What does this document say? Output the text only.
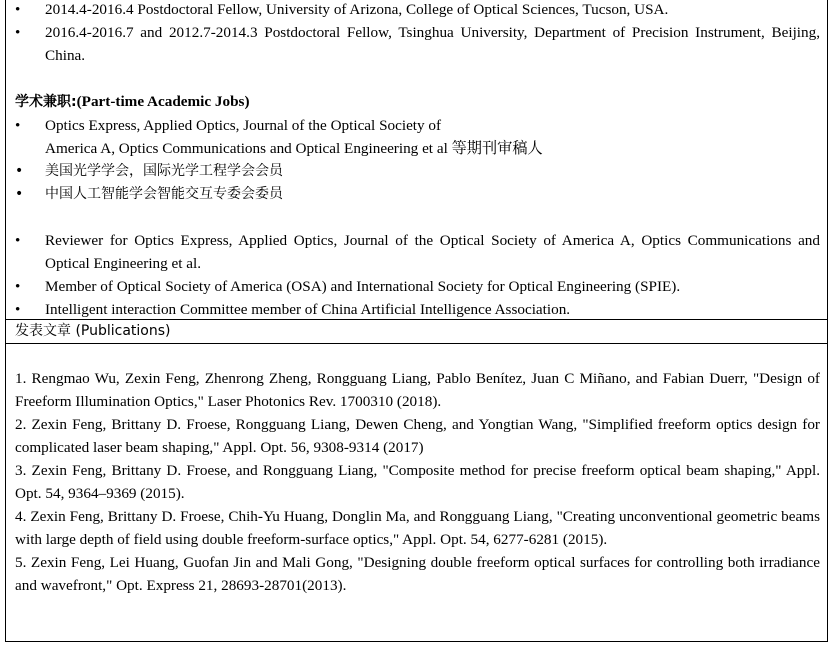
• 2014.4-2016.4 Postdoctoral Fellow, University of Arizona, College of Optical Sciences, Tucson, USA.
• 2016.4-2016.7 and 2012.7-2014.3 Postdoctoral Fellow, Tsinghua University, Department of Precision Instrument, Beijing, China.
学术兼职:(Part-time Academic Jobs)
• Optics Express, Applied Optics, Journal of the Optical Society of
America A, Optics Communications and Optical Engineering et al 等期刊审稿人
• 美国光学学会，国际光学工程学会会员
• 中国人工智能学会智能交互专委会委员
• Reviewer for Optics Express, Applied Optics, Journal of the Optical Society of America A, Optics Communications and Optical Engineering et al.
• Member of Optical Society of America (OSA) and International Society for Optical Engineering (SPIE).
• Intelligent interaction Committee member of China Artificial Intelligence Association.
发表文章 (Publications)
1. Rengmao Wu, Zexin Feng, Zhenrong Zheng, Rongguang Liang, Pablo Benítez, Juan C Miñano, and Fabian Duerr, "Design of Freeform Illumination Optics," Laser Photonics Rev. 1700310 (2018).
2. Zexin Feng, Brittany D. Froese, Rongguang Liang, Dewen Cheng, and Yongtian Wang, "Simplified freeform optics design for complicated laser beam shaping," Appl. Opt. 56, 9308-9314 (2017)
3. Zexin Feng, Brittany D. Froese, and Rongguang Liang, "Composite method for precise freeform optical beam shaping," Appl. Opt. 54, 9364–9369 (2015).
4. Zexin Feng, Brittany D. Froese, Chih-Yu Huang, Donglin Ma, and Rongguang Liang, "Creating unconventional geometric beams with large depth of field using double freeform-surface optics," Appl. Opt. 54, 6277-6281 (2015).
5. Zexin Feng, Lei Huang, Guofan Jin and Mali Gong, "Designing double freeform optical surfaces for controlling both irradiance and wavefront," Opt. Express 21, 28693-28701(2013).
